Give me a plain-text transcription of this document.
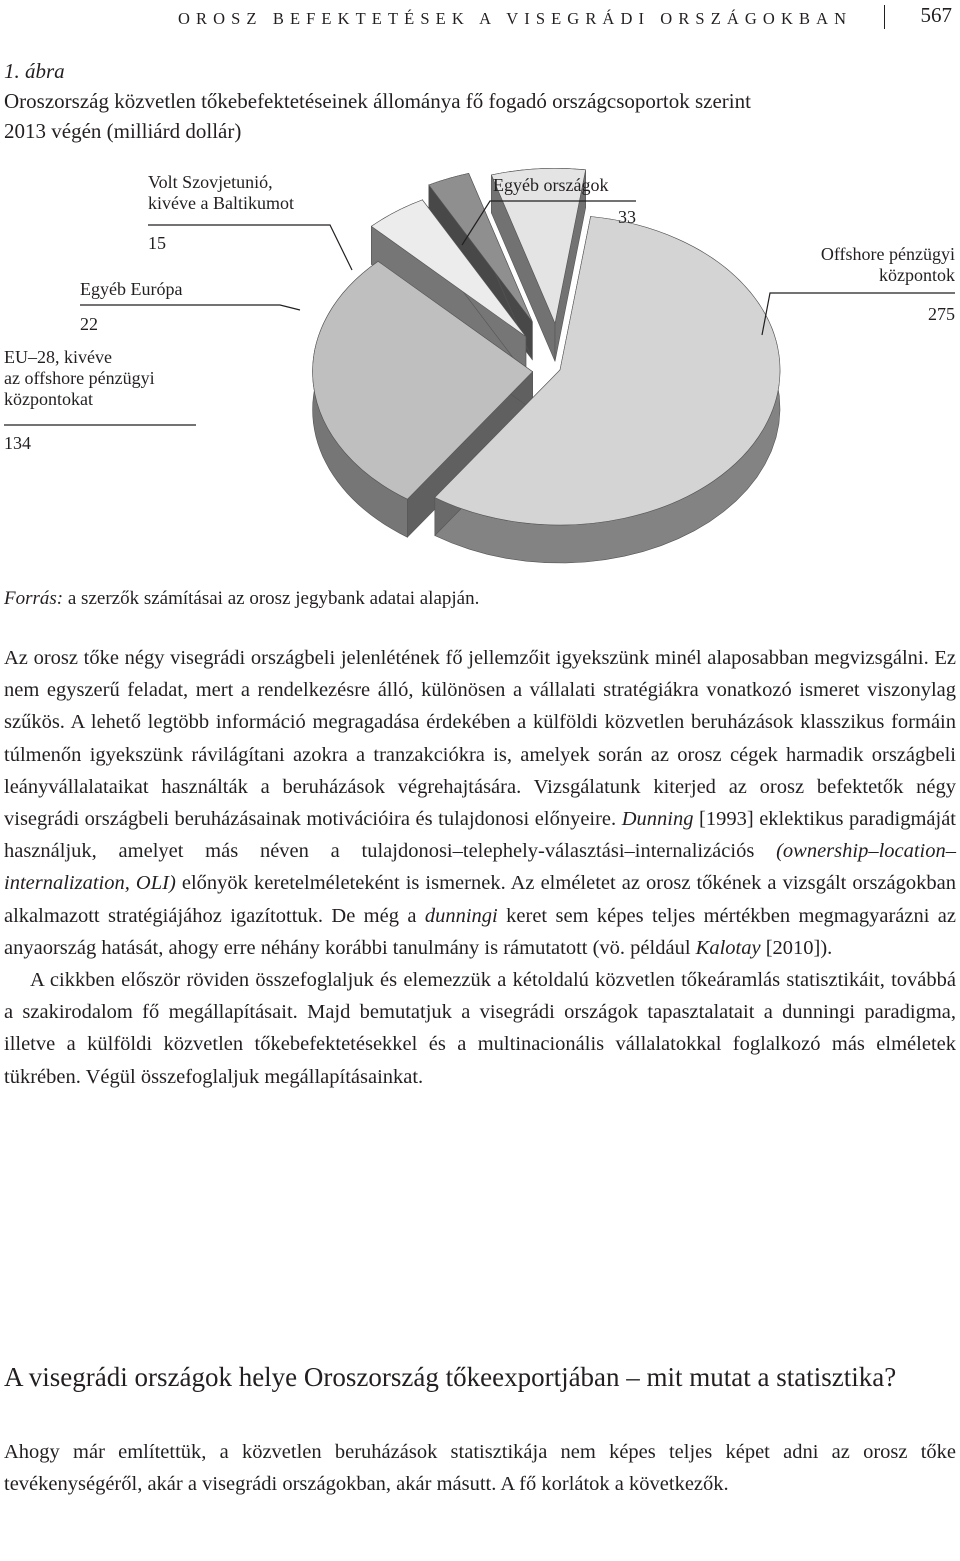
OROSZ BEFEKTETÉSEK A VISEGRÁDI ORSZÁGOKBAN	567
1. ábra
Oroszország közvetlen tőkebefektetéseinek állománya fő fogadó országcsoportok szerint
2013 végén (milliárd dollár)
Offshore pénzügyi
központok
275
EU–28, kivéve
az offshore pénzügyi
központokat
134
Egyéb Európa
22
Volt Szovjetunió,
kivéve a Baltikumot
15
Egyéb országok
33
Forrás: a szerzők számításai az orosz jegybank adatai alapján.

Az orosz tőke négy visegrádi országbeli jelenlétének fő jellemzőit igyekszünk minél alaposabban megvizsgálni. Ez nem egyszerű feladat, mert a rendelkezésre álló, különösen a vállalati stratégiákra vonatkozó ismeret viszonylag szűkös. A lehető legtöbb információ megragadása érdekében a külföldi közvetlen beruházások klasszikus formáin túlmenőn igyekszünk rávilágítani azokra a tranzakciókra is, amelyek során az orosz cégek harmadik országbeli leányvállalataikat használták a beruházások végrehajtására. Vizsgálatunk kiterjed az orosz befektetők négy visegrádi országbeli beruházásainak motivációira és tulajdonosi előnyeire. Dunning [1993] eklektikus paradigmáját használjuk, amelyet más néven a tulajdonosi–telephely-választási–internalizációs (ownership–location–internalization, OLI) előnyök keretelméleteként is ismernek. Az elméletet az orosz tőkének a vizsgált országokban alkalmazott stratégiájához igazítottuk. De még a dunningi keret sem képes teljes mértékben megmagyarázni az anyaország hatását, ahogy erre néhány korábbi tanulmány is rámutatott (vö. például Kalotay [2010]).

A cikkben először röviden összefoglaljuk és elemezzük a kétoldalú közvetlen tőkeáramlás statisztikáit, továbbá a szakirodalom fő megállapításait. Majd bemutatjuk a visegrádi országok tapasztalatait a dunningi paradigma, illetve a külföldi közvetlen tőkebefektetésekkel és a multinacionális vállalatokkal foglalkozó más elméletek tükrében. Végül összefoglaljuk megállapításainkat.

A visegrádi országok helye Oroszország tőkeexportjában – mit mutat a statisztika?

Ahogy már említettük, a közvetlen beruházások statisztikája nem képes teljes képet adni az orosz tőke tevékenységéről, akár a visegrádi országokban, akár másutt. A fő korlátok a következők.
